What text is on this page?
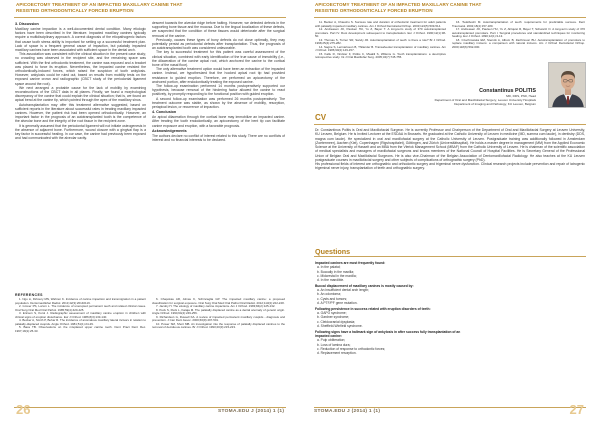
APICOECTOMY TREATMENT OF AN IMPACTED MAXILLARY CANINE THAT RESISTED ORTHODONTICALLY FORCED ERUPTION
3. Discussion

Maxillary canine impaction is a well-documented dental condition. Many etiologic factors have been described in the literature. Impacted maxillary canines typically require a multidisciplinary approach. A correct diagnosis of the etiopathogenic factors that cause tooth stress ability is important for setting up a successful treatment plan. Lack of space is a frequent general cause of impaction, but palatally impacted maxillary canines have been associated with sufficient space in the dental arch.

This association was consistent with the clinical situation in the present case study; no crowding was observed in the recipient site, and the remaining space was sufficient. With the first orthodontic treatment, the canine was exposed and a bracket was placed to force its eruption. Nevertheless, the impacted canine resisted the orthodontically-induced forces, which raised the suspicion of tooth ankylosis. However, ankylosis could be ruled out, based on results from mobility tests on the exposed canine crown and radiographic (CBCT study of the periodontal ligament space around the root).

We next arranged a probable cause for the lack of mobility by examining reconstructions of the CBCT data in all planes. Finally, we found a morphological discrepancy of the canine that could explain the clinical situation; that is, we found an apical bend at the canine tip, which pointed through the apex of the maxillary sinus.

Autotransplantation may offer this treatment alternative suggested, based on sufficient reports in the literature about successful rates in treating maxillary impacted canines. However, the patient risk had been opened orthodontically. However, an important factor in the prognosis of an autotransplanted tooth is the competence of the alveolar bone and the integrity of the root tissue in the recipient zone.

It is generally assumed that the periodontal ligament will not initiate osteogenesis in the absence of adjacent bone. Furthermore, wound closure with a gingival flap is a key factor in successful healing. In our case, the canine had previously been exposed and had communicated with the alveolar cavity.

descent towards the alveolar ridge before halting. However, we detected defects in the supporting bone tissue and the mucosa. Due to the lingual localization of these defects, we suspected that the condition of these tissues would deteriorate after the surgical removal of the canine.

Previously, causes these types of bony defects do not close optimally, they may potentially persist as periodontal defects after transplantation. Thus, the prognosis of an autotransplanted tooth was considered unfavorable.

The key to successful treatment for this patient was careful assessment of the clinical situation, combined with early identification of the true cause of immobility (i.e., the dilaceration of the canine apical root, which anchored the canine to the cortical bone of the nasal floor).

The only alternative treatment option would have been an extraction of the impacted canine. Instead, we hypothesized that the hooked apical root tip had provided resistance to guided eruption. Therefore, we performed an apicoectomy of the anchored portion, after endodontically treating the exposed canine.

The follow-up examination performed 14 months postoperatively supported our hypothesis, because removal of the hindering factor allowed the canine to react positively, by promptly responding to the functional position with guided eruption.

A second follow-up examination was performed 26 months postoperatively. The treatment outcome was stable, as shown by the absence of mobility, resorption, periapical lesion, or recurrence of impaction.

4. Conclusion

An apical dilaceration through the cortical bone may immobilize an impacted canine. After treating the tooth endodontically, an apicoectomy of the bent tip can facilitate canine exposure and eruption, with a favorable prognosis.

Acknowledgements

The authors declare no conflict of interest related to this study. There are no conflicts of interest and no financial interests to be declared.

REFERENCES

1. Ngo Li, Fkhoury MN, Wahren K. Incidence of canine impaction and transmigration in a patient population. Dentomaxillofac Radiol. 2013;42(3):20140119.

2. Grover PS, Lorton L. The incidence of unerupted permanent teeth and related clinical cases. Oral Surg Oral Med Oral Pathol. 1985;59(4):420-425.

3. Ericson S, Kurol J. Radiographic assessment of maxillary canine eruption in children with clinical signs of eruption disturbance. Eur J Orthod. 1986;8(3):133-140.

4. Becker A, Smith P, Behar R. The incidence of anomalous maxillary lateral incisors in relation to palatally-displaced cuspids. Angle Orthod. 1981;51(1):24-29.

5. Bass TB. Observations on the misplaced upper canine tooth. Dent Pract Dent Rec. 1967;18(1):25-33.

6. Chapokas AR, Almas K, Schincaglia GP. The impacted maxillary canine: a proposed classification for surgical exposure. Oral Surg Oral Med Oral Pathol Oral Radiol. 2012;113(2):222-228.

7. Jacoby H. The etiology of maxillary canine impactions. Am J Orthod. 1983;84(2):125-132.

8. Peck S, Peck L, Kataja M. The palatally displaced canine as a dental anomaly of genetic origin. Angle Orthod. 1994;64(4):249-256.

9. Richardson G, Russell KA. A review of impacted permanent maxillary cuspids - diagnosis and prevention. J Can Dent Assoc. 2000;66(9):497-501.

10. Power SM, Short MB. An investigation into the response of palatally displaced canines to the removal of deciduous canines. Br J Orthod. 1993;20(3):215-223.

26	STOMA.EDU J (2014) 1 (1)
APICOECTOMY TREATMENT OF AN IMPACTED MAXILLARY CANINE THAT RESISTED ORTHODONTICALLY FORCED ERUPTION

11. Becker A, Chaushu S. Success rate and duration of orthodontic treatment for adult patients with palatally impacted maxillary canines. Am J Orthod Dentofacial Orthop. 2003;124(5):509-514.

12. Andreasen JO, Paulsen HU, Yu Z, Bayer T. A long-term study of 370 autotransplanted premolars. Part IV. Root development subsequent to transplantation. Eur J Orthod. 1990;12(1):38-50.

13. Thomas S, Turner SR, Sandy JR. Autotransplantation of teeth: is there a role? Br J Orthod. 1998;25(4):275-282.

14. Sagne S, Lennartsson B, Thilander B. Transalveolar transplantation of maxillary canines. Am J Orthod. 1986;90(2):149-157.

15. Kallu R, Vinckier F, Politis C, Mwalili S, Willems G. Tooth transplantations: a descriptive retrospective study. Int J Oral Maxillofac Surg. 2005;34(7):745-755.

16. Tsukiboshi M. Autotransplantation of teeth: requirements for predictable success. Dent Traumatol. 2002;18(4):157-180.

17. Andreasen JO, Paulsen HU, Yu Z, Ahlquist R, Bayer T, Schwartz O. A long-term study of 370 autotransplanted premolars. Part I. Surgical procedures and standardized techniques for monitoring healing. Eur J Orthod. 1990;12(1):3-13.

18. Czochrowska EM, Stenvik A, Album B, Zachrisson BU. Autotransplantation of premolars to replace maxillary incisors: a comparison with natural incisors. Am J Orthod Dentofacial Orthop. 2000;118(6):592-600.

Constantinus POLITIS
MD, DDS, PhD, Head
Department of Oral and Maxillofacial Surgery, Leuven University Hospitals
Department of Imaging and Pathology, KU Leuven, Belgium
CV

Dr. Constantinus Politis is Oral and Maxillofacial Surgeon. He is currently Professor and Chairperson of the Department of Oral and Maxillofacial Surgery at Leuven University, KU Leuven, Belgium. He is Invited Lecturer at the ESDAA in Brussels. He graduated at the Catholic University of Leuven in medicine (MD, summa cum laude), in dentistry (DDS, magna cum laude). He specialized in oral and maxillofacial surgery at the Catholic University of Leuven. Postgraduate training was additionally followed in Amsterdam (Zoetermeer), Aachen (Kiel), Copenhagen (Rigshospitalet), Göttingen, and Zürich (Universitätsspital). He holds a master degree in management (MM) from the Applied Economic Science at the University of Hasselt and an MBA from the Vlerick Management School (MBAF) from the Catholic University of Leuven. He is chairman of the scientific association of medical specialists and managers of maxillofacial surgeons and knows members of the National Council of Hospital Facilities. He is Secretary General of the Professional Union of Belgian Oral and Maxillofacial Surgeons. He is also vice-Chairman of the Belgian Association of Dentomaxillofacial Radiology. He also teaches at the KU Leuven postgraduate courses in maxillofacial surgery and other subjects of complications of orthognathic surgery (PhD).

His professional fields of interest are orthognathic and orthodontic surgery and trigeminal nerve dysfunction. Clinical research projects include prevention and repair of iatrogenic trigeminal nerve injury, transplantation of teeth and orthognathic surgery.

Questions
Impacted canines are most frequently found:
a. In the palatal;
b. Buccally in the maxilla;
c. Midcrestal in the maxilla;
d. In the mandible.
Buccal displacement of maxillary canines is mostly caused by:
a. An insufficient dental arch length;
b. An odontoma;
c. Cysts and tumors;
d. A PTF/PF gene mutation.
Following persistence in success related with eruption disorders of teeth:
a. GAPO syndrome;
b. Gardner syndrome;
c. Cleidocranial dysplasia;
d. Sheffield-Winfield syndrome.
Following signs have a hallmark sign of ankylosis in after success fully transplantation of an impacted canine:
a. Pulp obliteration;
b. Loss of lamina dura;
c. Reduction of response to orthodontic forces;
d. Replacement resorption.
STOMA.EDU J (2014) 1 (1)	27
